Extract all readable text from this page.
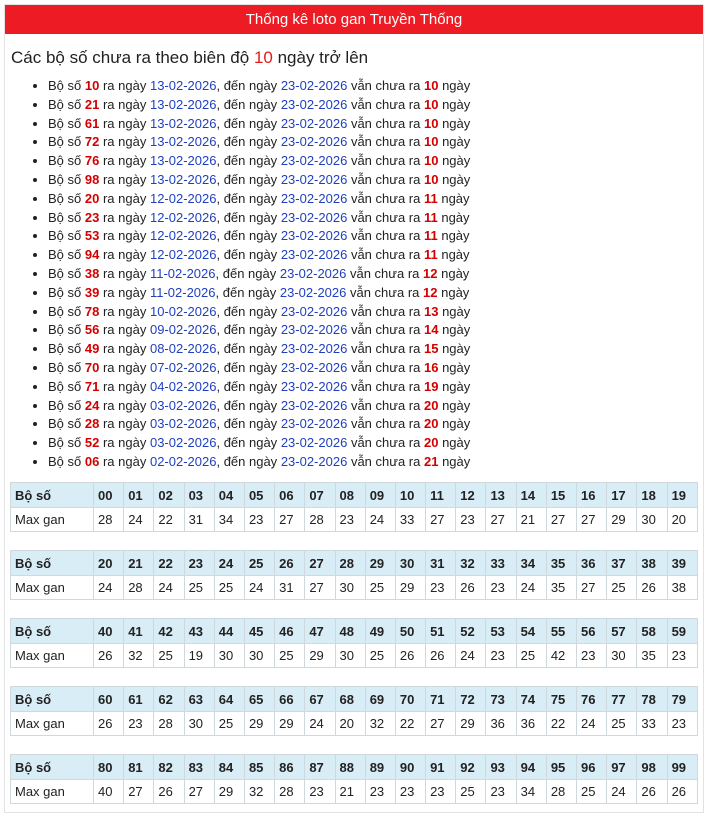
Thống kê loto gan Truyền Thống
Các bộ số chưa ra theo biên độ 10 ngày trở lên
• Bộ số 10 ra ngày 13-02-2026, đến ngày 23-02-2026 vẫn chưa ra 10 ngày
• Bộ số 21 ra ngày 13-02-2026, đến ngày 23-02-2026 vẫn chưa ra 10 ngày
• Bộ số 61 ra ngày 13-02-2026, đến ngày 23-02-2026 vẫn chưa ra 10 ngày
• Bộ số 72 ra ngày 13-02-2026, đến ngày 23-02-2026 vẫn chưa ra 10 ngày
• Bộ số 76 ra ngày 13-02-2026, đến ngày 23-02-2026 vẫn chưa ra 10 ngày
• Bộ số 98 ra ngày 13-02-2026, đến ngày 23-02-2026 vẫn chưa ra 10 ngày
• Bộ số 20 ra ngày 12-02-2026, đến ngày 23-02-2026 vẫn chưa ra 11 ngày
• Bộ số 23 ra ngày 12-02-2026, đến ngày 23-02-2026 vẫn chưa ra 11 ngày
• Bộ số 53 ra ngày 12-02-2026, đến ngày 23-02-2026 vẫn chưa ra 11 ngày
• Bộ số 94 ra ngày 12-02-2026, đến ngày 23-02-2026 vẫn chưa ra 11 ngày
• Bộ số 38 ra ngày 11-02-2026, đến ngày 23-02-2026 vẫn chưa ra 12 ngày
• Bộ số 39 ra ngày 11-02-2026, đến ngày 23-02-2026 vẫn chưa ra 12 ngày
• Bộ số 78 ra ngày 10-02-2026, đến ngày 23-02-2026 vẫn chưa ra 13 ngày
• Bộ số 56 ra ngày 09-02-2026, đến ngày 23-02-2026 vẫn chưa ra 14 ngày
• Bộ số 49 ra ngày 08-02-2026, đến ngày 23-02-2026 vẫn chưa ra 15 ngày
• Bộ số 70 ra ngày 07-02-2026, đến ngày 23-02-2026 vẫn chưa ra 16 ngày
• Bộ số 71 ra ngày 04-02-2026, đến ngày 23-02-2026 vẫn chưa ra 19 ngày
• Bộ số 24 ra ngày 03-02-2026, đến ngày 23-02-2026 vẫn chưa ra 20 ngày
• Bộ số 28 ra ngày 03-02-2026, đến ngày 23-02-2026 vẫn chưa ra 20 ngày
• Bộ số 52 ra ngày 03-02-2026, đến ngày 23-02-2026 vẫn chưa ra 20 ngày
• Bộ số 06 ra ngày 02-02-2026, đến ngày 23-02-2026 vẫn chưa ra 21 ngày
Bộ số	00	01	02	03	04	05	06	07	08	09	10	11	12	13	14	15	16	17	18	19
Max gan	28	24	22	31	34	23	27	28	23	24	33	27	23	27	21	27	27	29	30	20
Bộ số	20	21	22	23	24	25	26	27	28	29	30	31	32	33	34	35	36	37	38	39
Max gan	24	28	24	25	25	24	31	27	30	25	29	23	26	23	24	35	27	25	26	38
Bộ số	40	41	42	43	44	45	46	47	48	49	50	51	52	53	54	55	56	57	58	59
Max gan	26	32	25	19	30	30	25	29	30	25	26	26	24	23	25	42	23	30	35	23
Bộ số	60	61	62	63	64	65	66	67	68	69	70	71	72	73	74	75	76	77	78	79
Max gan	26	23	28	30	25	29	29	24	20	32	22	27	29	36	36	22	24	25	33	23
Bộ số	80	81	82	83	84	85	86	87	88	89	90	91	92	93	94	95	96	97	98	99
Max gan	40	27	26	27	29	32	28	23	21	23	23	23	25	23	34	28	25	24	26	26
